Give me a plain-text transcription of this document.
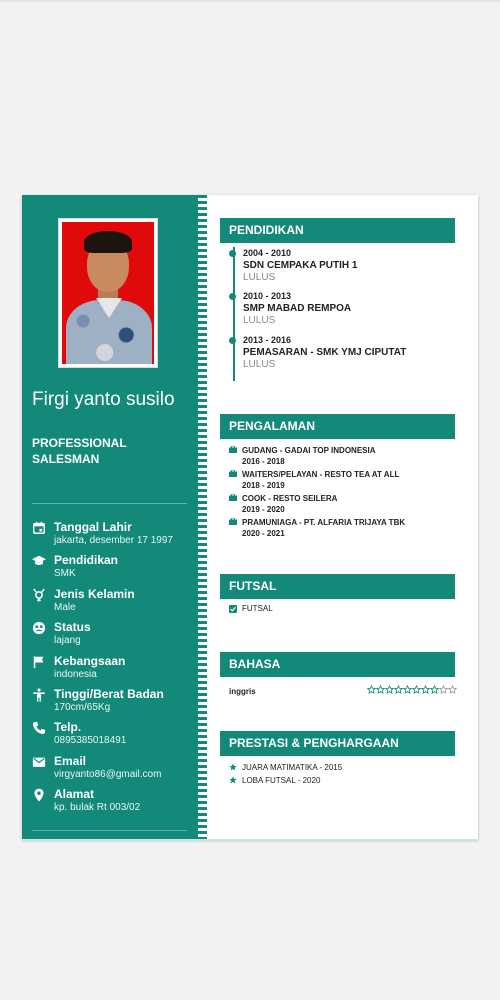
Firgi yanto susilo
PROFESSIONAL SALESMAN
Tanggal Lahir
jakarta, desember 17 1997
Pendidikan
SMK
Jenis Kelamin
Male
Status
lajang
Kebangsaan
indonesia
Tinggi/Berat Badan
170cm/65Kg
Telp.
0895385018491
Email
virgyanto86@gmail.com
Alamat
kp. bulak Rt 003/02
PENDIDIKAN
2004 - 2010
SDN CEMPAKA PUTIH 1
LULUS
2010 - 2013
SMP MABAD REMPOA
LULUS
2013 - 2016
PEMASARAN - SMK YMJ CIPUTAT
LULUS
PENGALAMAN
GUDANG - GADAI TOP INDONESIA
2016 - 2018
WAITERS/PELAYAN - RESTO TEA AT ALL
2018 - 2019
COOK - RESTO SEILERA
2019 - 2020
PRAMUNIAGA - PT. ALFARIA TRIJAYA TBK
2020 - 2021
FUTSAL
FUTSAL
BAHASA
inggris
PRESTASI & PENGHARGAAN
JUARA MATIMATIKA - 2015
LOBA FUTSAL - 2020
